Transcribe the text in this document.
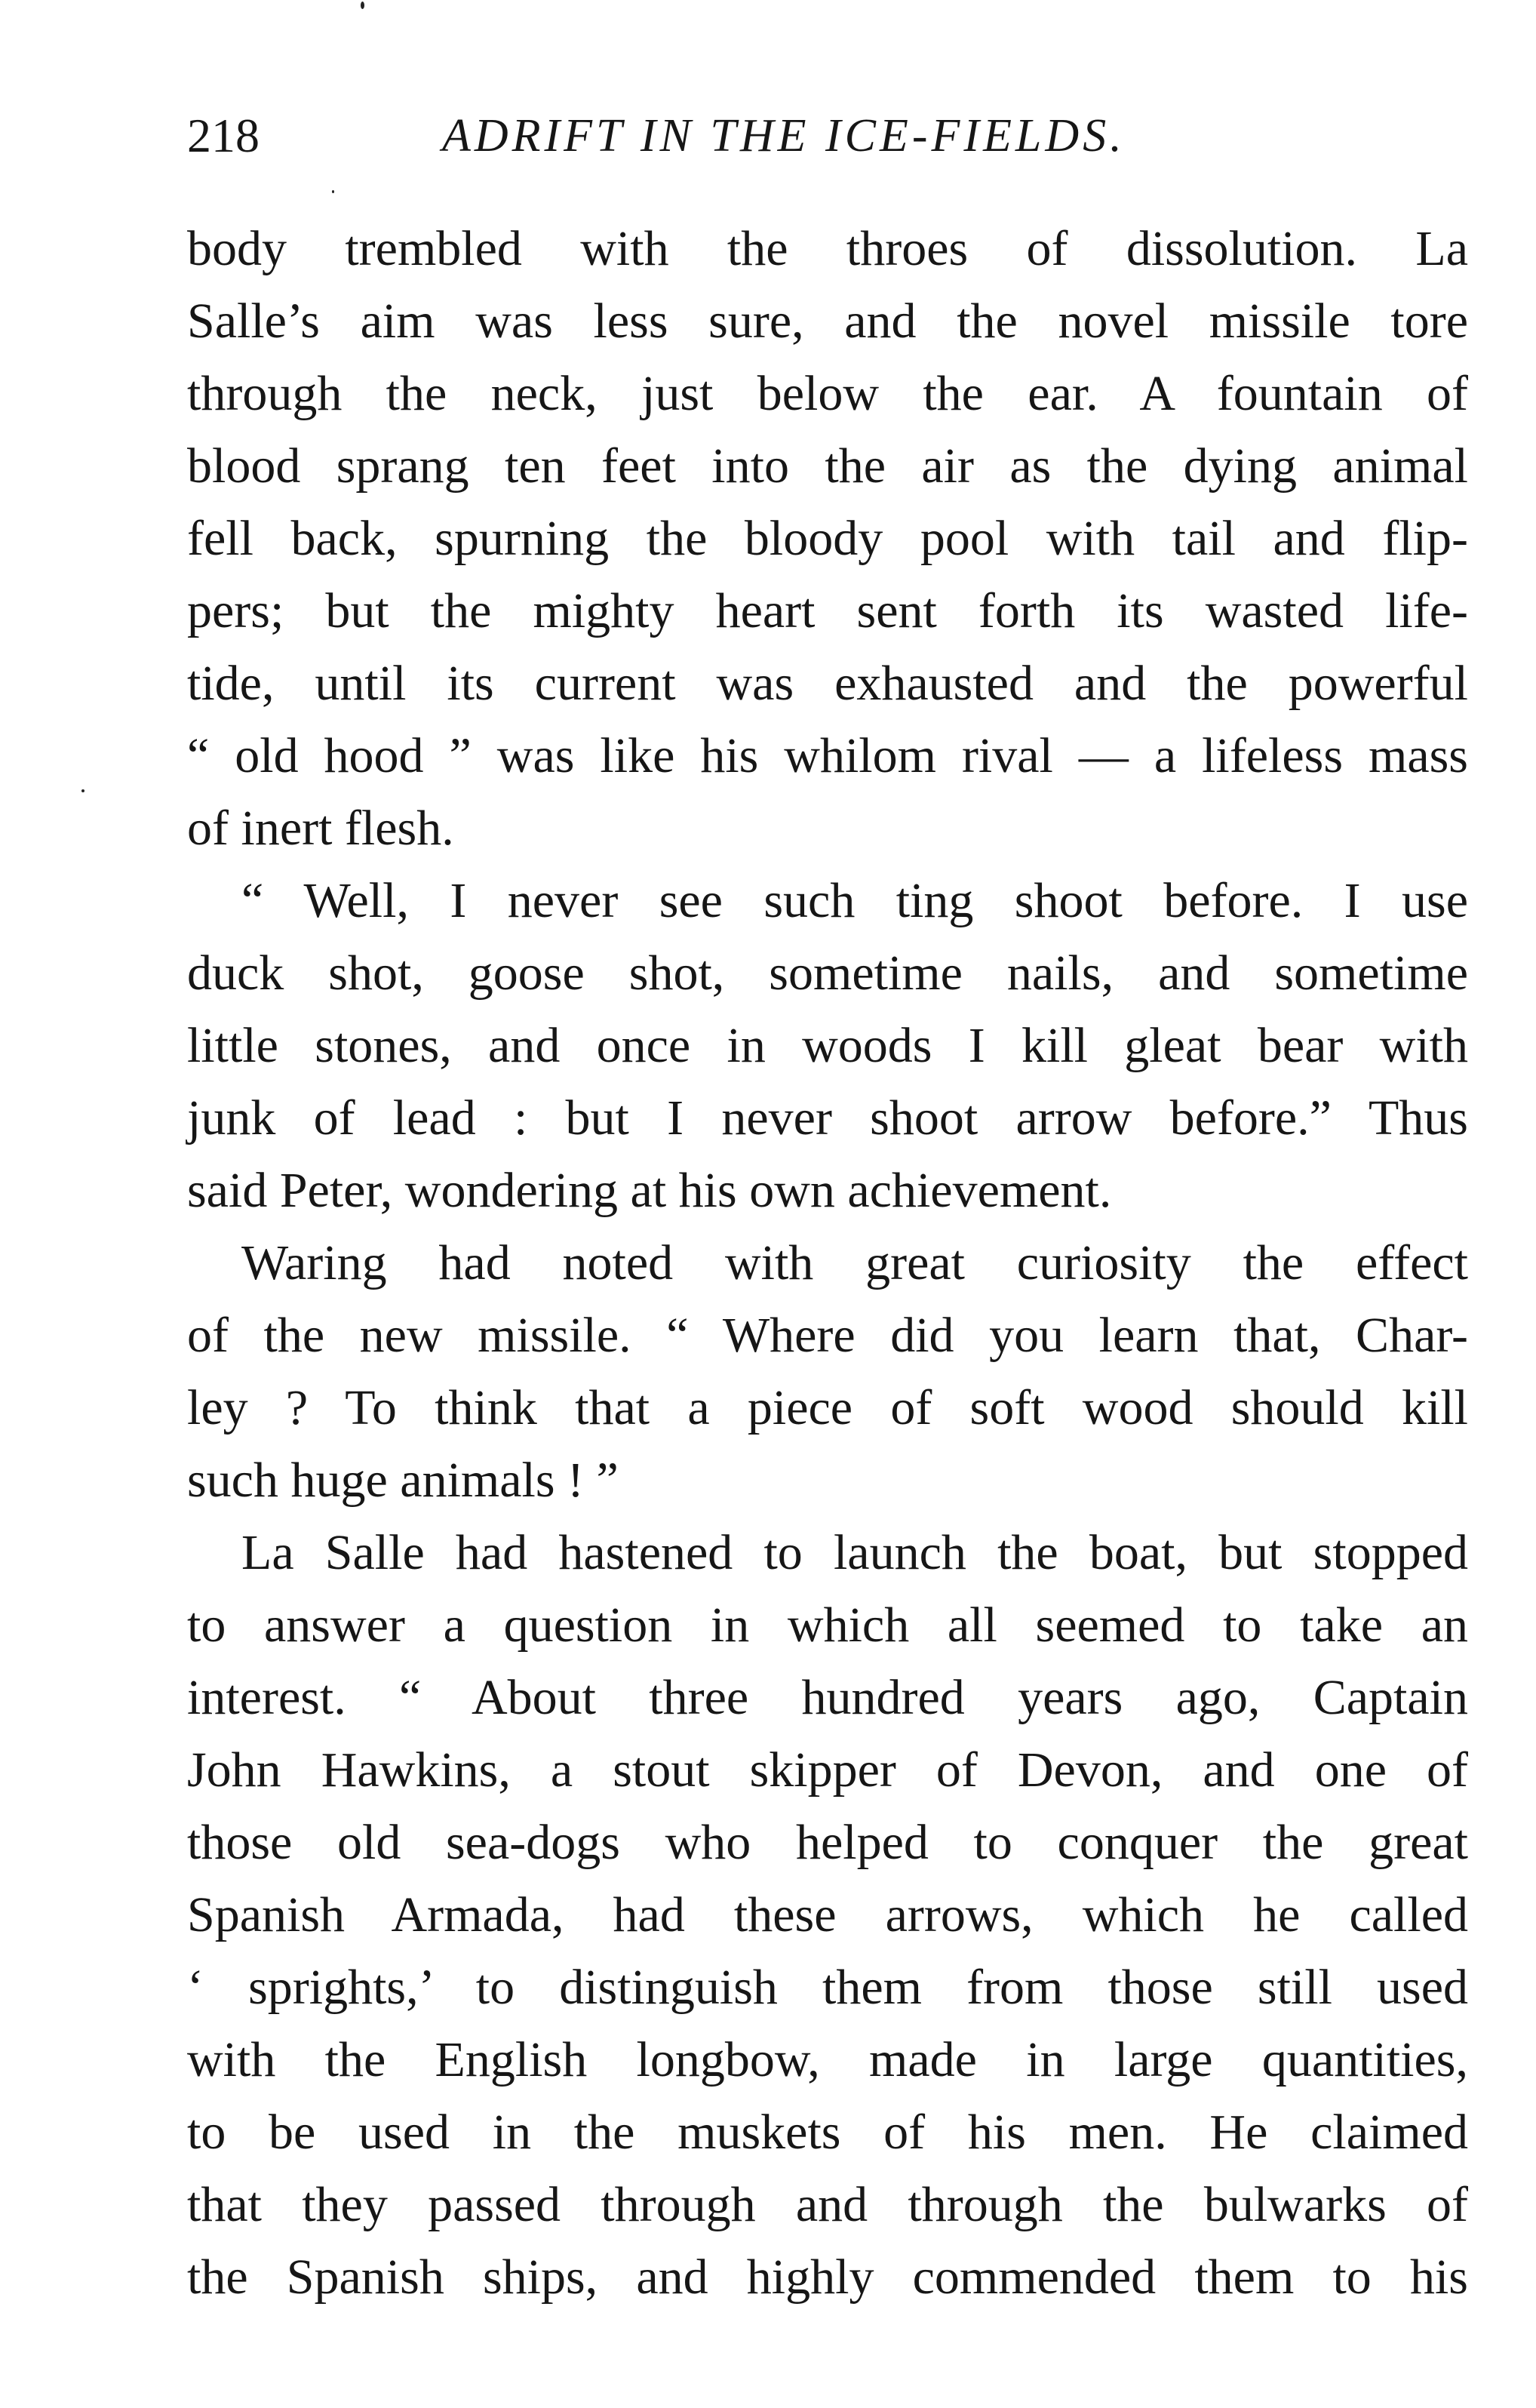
218	ADRIFT IN THE ICE-FIELDS.
body trembled with the throes of dissolution. La
Salle’s aim was less sure, and the novel missile tore
through the neck, just below the ear. A fountain of
blood sprang ten feet into the air as the dying animal
fell back, spurning the bloody pool with tail and flip-
pers; but the mighty heart sent forth its wasted life-
tide, until its current was exhausted and the powerful
“ old hood ” was like his whilom rival — a lifeless mass
of inert flesh.
“ Well, I never see such ting shoot before. I use
duck shot, goose shot, sometime nails, and sometime
little stones, and once in woods I kill gleat bear with
junk of lead : but I never shoot arrow before.” Thus
said Peter, wondering at his own achievement.
Waring had noted with great curiosity the effect
of the new missile. “ Where did you learn that, Char-
ley ? To think that a piece of soft wood should kill
such huge animals ! ”
La Salle had hastened to launch the boat, but stopped
to answer a question in which all seemed to take an
interest. “ About three hundred years ago, Captain
John Hawkins, a stout skipper of Devon, and one of
those old sea-dogs who helped to conquer the great
Spanish Armada, had these arrows, which he called
‘ sprights,’ to distinguish them from those still used
with the English longbow, made in large quantities,
to be used in the muskets of his men. He claimed
that they passed through and through the bulwarks of
the Spanish ships, and highly commended them to his
